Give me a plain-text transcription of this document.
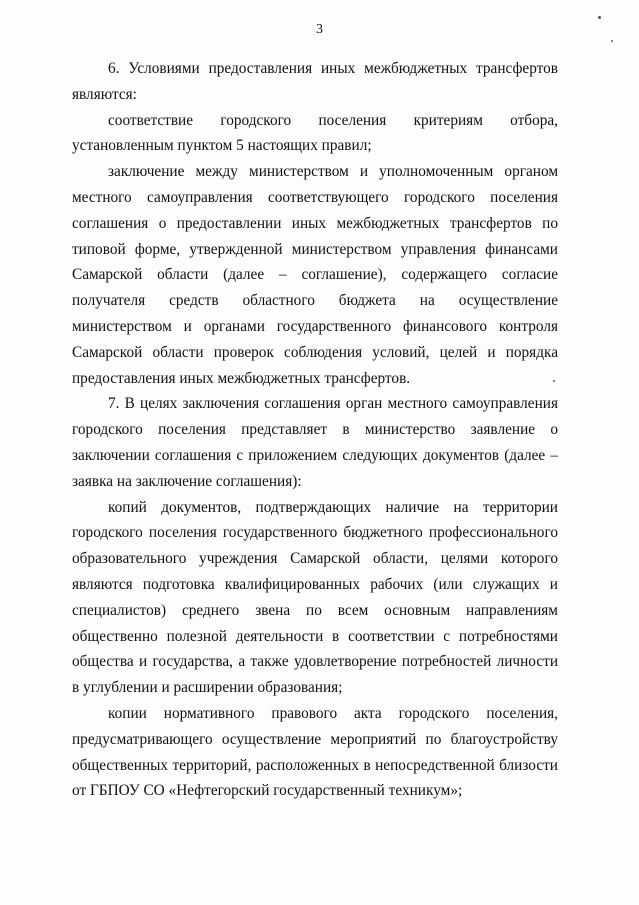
3

6. Условиями предоставления иных межбюджетных трансфертов являются:

соответствие городского поселения критериям отбора, установленным пунктом 5 настоящих правил;

заключение между министерством и уполномоченным органом местного самоуправления соответствующего городского поселения соглашения о предоставлении иных межбюджетных трансфертов по типовой форме, утвержденной министерством управления финансами Самарской области (далее – соглашение), содержащего согласие получателя средств областного бюджета на осуществление министерством и органами государственного финансового контроля Самарской области проверок соблюдения условий, целей и порядка предоставления иных межбюджетных трансфертов.

7. В целях заключения соглашения орган местного самоуправления городского поселения представляет в министерство заявление о заключении соглашения с приложением следующих документов (далее – заявка на заключение соглашения):

копий документов, подтверждающих наличие на территории городского поселения государственного бюджетного профессионального образовательного учреждения Самарской области, целями которого являются подготовка квалифицированных рабочих (или служащих и специалистов) среднего звена по всем основным направлениям общественно полезной деятельности в соответствии с потребностями общества и государства, а также удовлетворение потребностей личности в углублении и расширении образования;

копии нормативного правового акта городского поселения, предусматривающего осуществление мероприятий по благоустройству общественных территорий, расположенных в непосредственной близости от ГБПОУ СО «Нефтегорский государственный техникум»;
